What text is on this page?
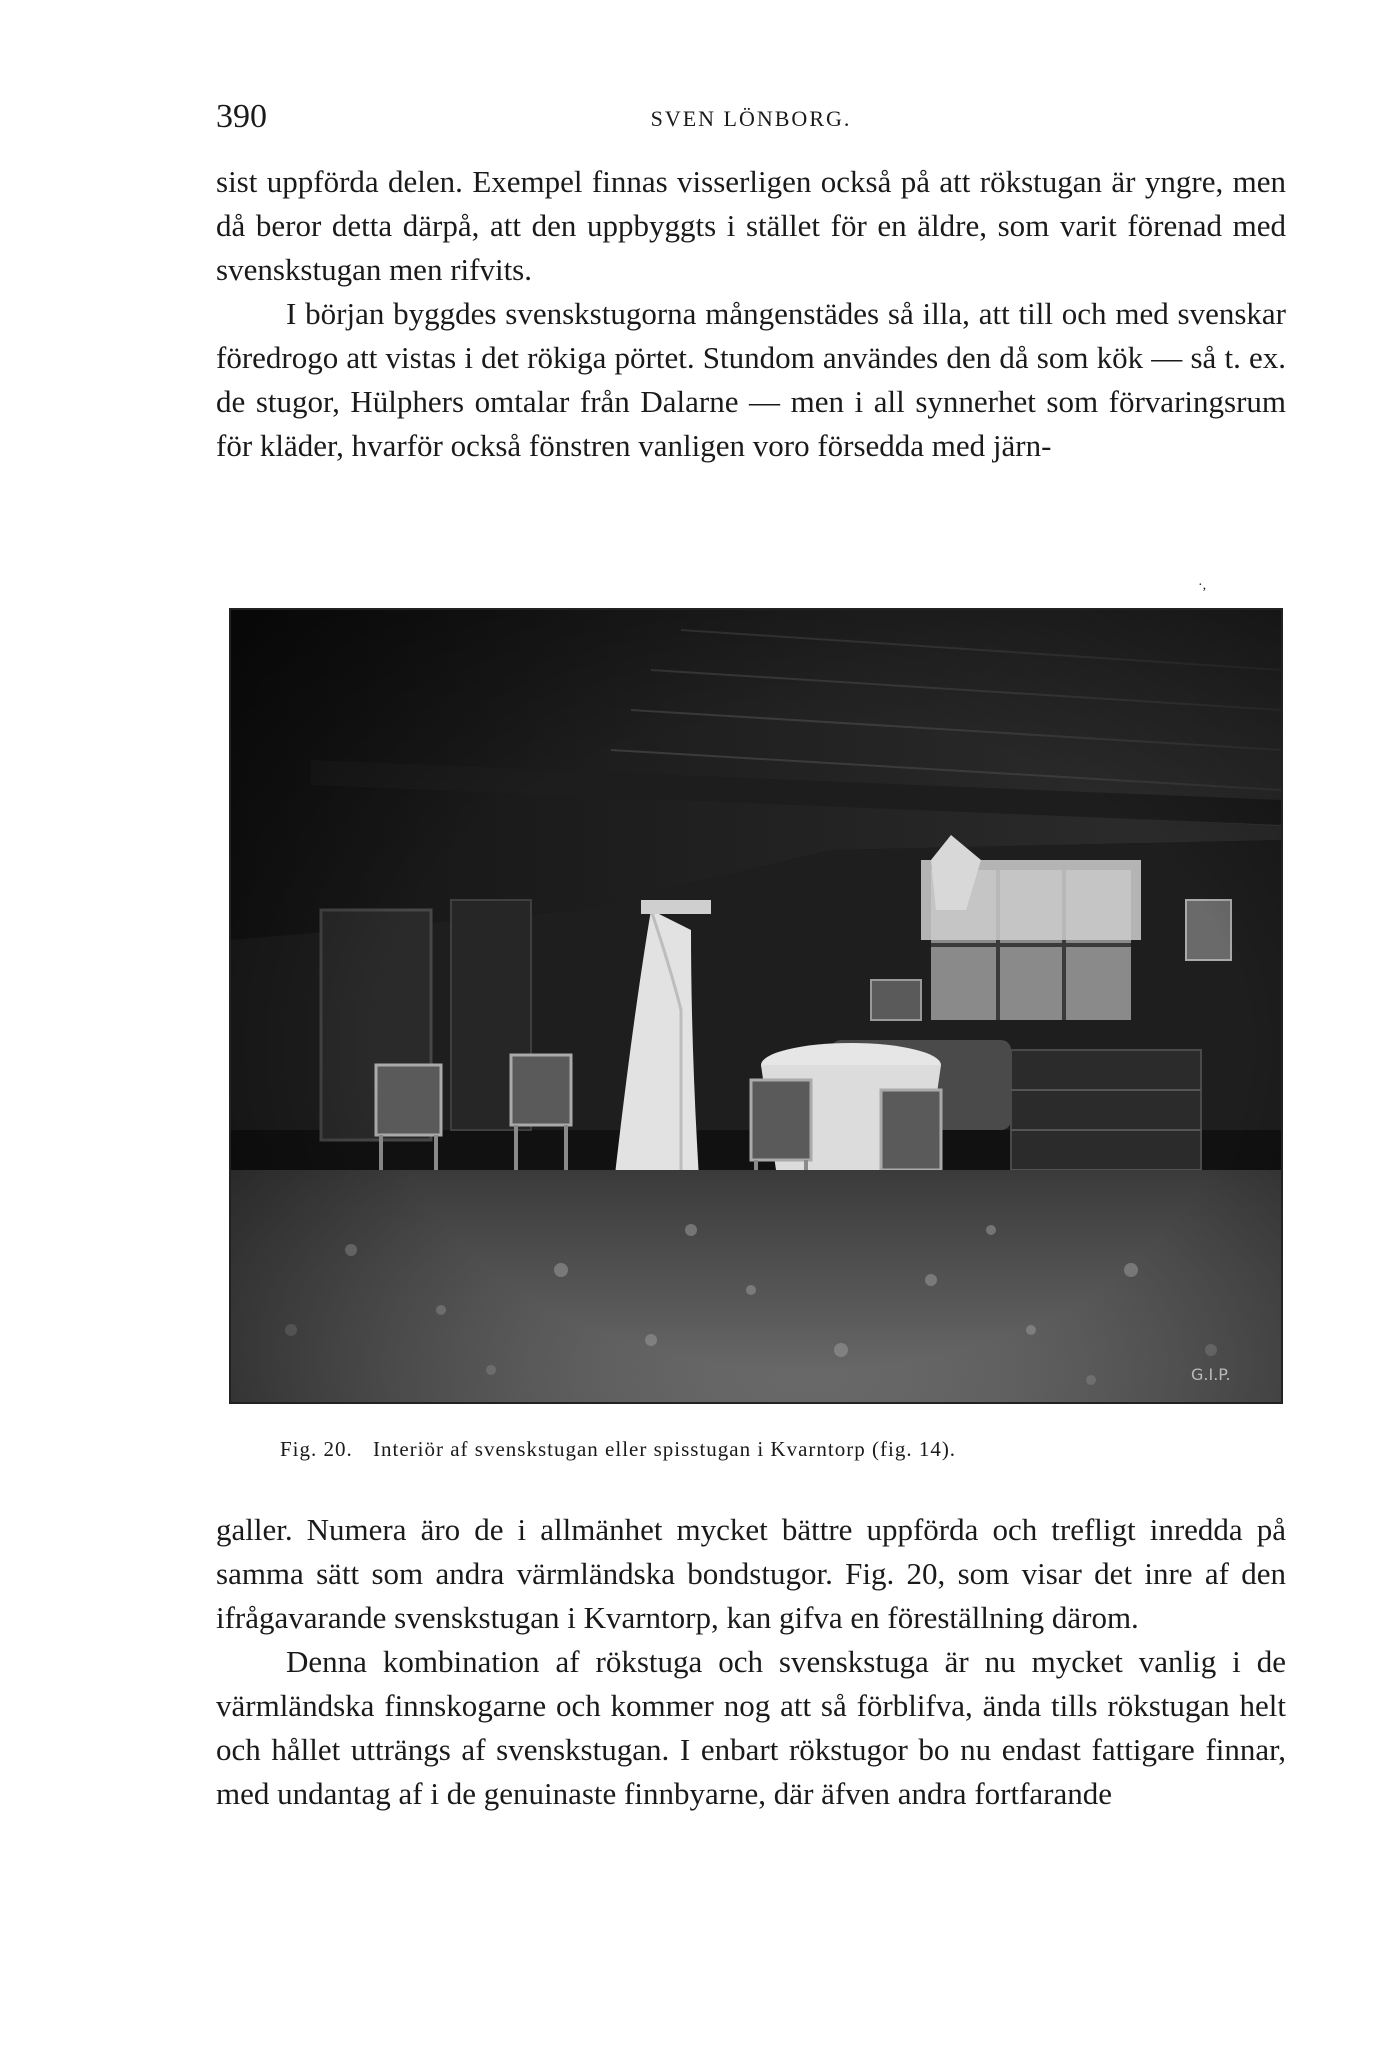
390	SVEN LÖNBORG.

sist uppförda delen. Exempel finnas visserligen också på att rökstugan är yngre, men då beror detta därpå, att den uppbyggts i stället för en äldre, som varit förenad med svenskstugan men rifvits.

I början byggdes svenskstugorna mångenstädes så illa, att till och med svenskar föredrogo att vistas i det rökiga pörtet. Stundom användes den då som kök — så t. ex. de stugor, Hülphers omtalar från Dalarne — men i all synnerhet som förvaringsrum för kläder, hvarför också fönstren vanligen voro försedda med järn-

·,
G.I.P.
Fig. 20. Interiör af svenskstugan eller spisstugan i Kvarntorp (fig. 14).

galler. Numera äro de i allmänhet mycket bättre uppförda och trefligt inredda på samma sätt som andra värmländska bondstugor. Fig. 20, som visar det inre af den ifrågavarande svenskstugan i Kvarntorp, kan gifva en föreställning därom.

Denna kombination af rökstuga och svenskstuga är nu mycket vanlig i de värmländska finnskogarne och kommer nog att så förblifva, ända tills rökstugan helt och hållet utträngs af svenskstugan. I enbart rökstugor bo nu endast fattigare finnar, med undantag af i de genuinaste finnbyarne, där äfven andra fortfarande
